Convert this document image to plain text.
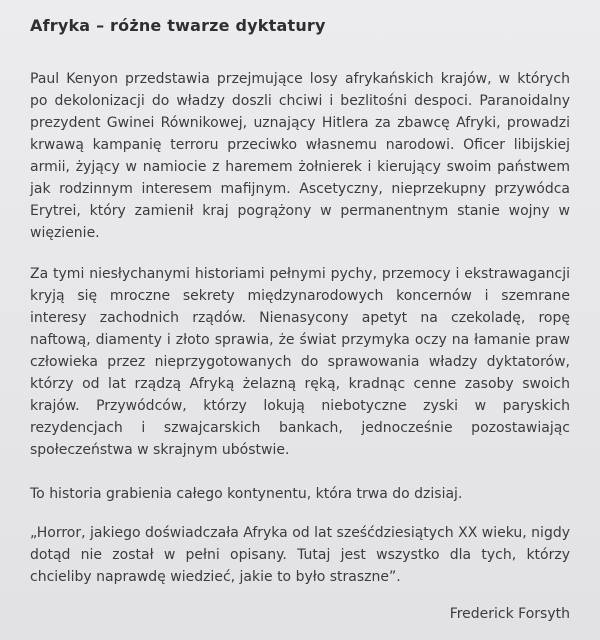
Afryka – różne twarze dyktatury
Paul Kenyon przedstawia przejmujące losy afrykańskich krajów, w których po dekolonizacji do władzy doszli chciwi i bezlitośni despoci. Paranoidalny prezydent Gwinei Równikowej, uznający Hitlera za zbawcę Afryki, prowadzi krwawą kampanię terroru przeciwko własnemu narodowi. Oficer libijskiej armii, żyjący w namiocie z haremem żołnierek i kierujący swoim państwem jak rodzinnym interesem mafijnym. Ascetyczny, nieprzekupny przywódca Erytrei, który zamienił kraj pogrążony w permanentnym stanie wojny w więzienie.
Za tymi niesłychanymi historiami pełnymi pychy, przemocy i ekstrawagancji kryją się mroczne sekrety międzynarodowych koncernów i szemrane interesy zachodnich rządów. Nienasycony apetyt na czekoladę, ropę naftową, diamenty i złoto sprawia, że świat przymyka oczy na łamanie praw człowieka przez nieprzygotowanych do sprawowania władzy dyktatorów, którzy od lat rządzą Afryką żelazną ręką, kradnąc cenne zasoby swoich krajów. Przywódców, którzy lokują niebotyczne zyski w paryskich rezydencjach i szwajcarskich bankach, jednocześnie pozostawiając społeczeństwa w skrajnym ubóstwie.
To historia grabienia całego kontynentu, która trwa do dzisiaj.
„Horror, jakiego doświadczała Afryka od lat sześćdziesiątych XX wieku, nigdy dotąd nie został w pełni opisany. Tutaj jest wszystko dla tych, którzy chcieliby naprawdę wiedzieć, jakie to było straszne”.
Frederick Forsyth
